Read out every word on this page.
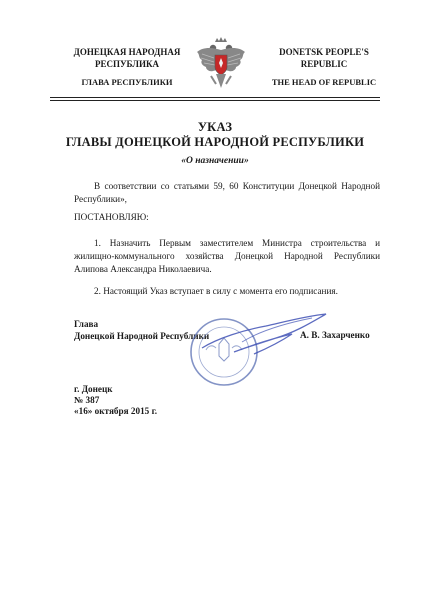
ДОНЕЦКАЯ НАРОДНАЯ
РЕСПУБЛИКА
ГЛАВА РЕСПУБЛИКИ
DONETSK PEOPLE'S
REPUBLIC
THE HEAD OF REPUBLIC
УКАЗ
ГЛАВЫ ДОНЕЦКОЙ НАРОДНОЙ РЕСПУБЛИКИ
«О назначении»
В соответствии со статьями 59, 60 Конституции Донецкой Народной Республики»,
ПОСТАНОВЛЯЮ:
1. Назначить Первым заместителем Министра строительства и жилищно-коммунального хозяйства Донецкой Народной Республики Алипова Александра Николаевича.
2. Настоящий Указ вступает в силу с момента его подписания.
Глава
Донецкой Народной Республики	А. В. Захарченко
г. Донецк
№ 387
«16» октября 2015 г.
